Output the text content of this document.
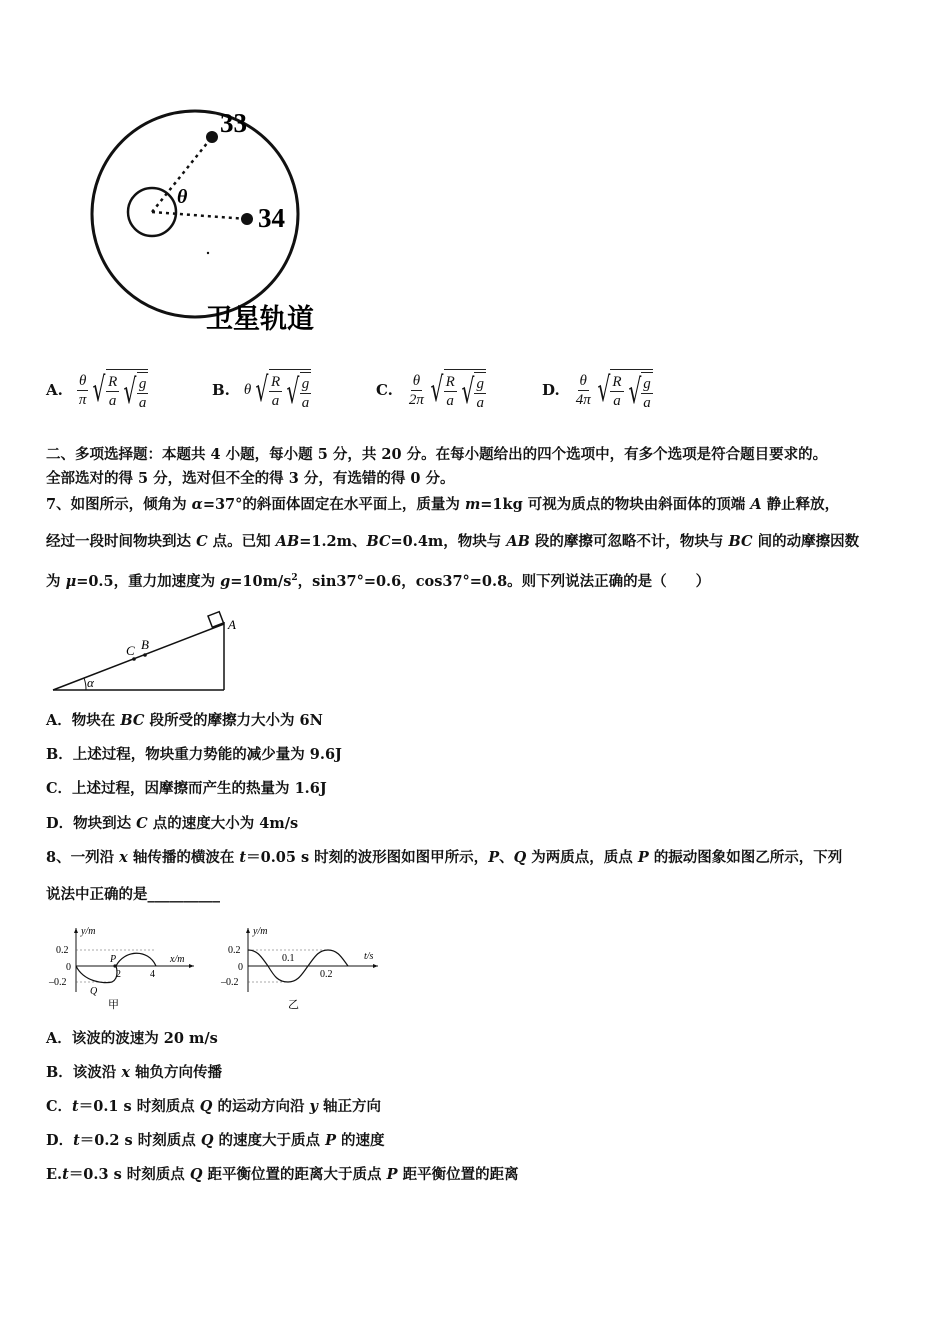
33
34
θ
卫星轨道
A. $\frac{\theta}{\pi}$ √ $\frac{R}{a}$ √ $\frac{g}{a}$	B. θ √ $\frac{R}{a}$ √ $\frac{g}{a}$	C. $\frac{\theta}{2\pi}$ √ $\frac{R}{a}$ √ $\frac{g}{a}$	D. $\frac{\theta}{4\pi}$ √ $\frac{R}{a}$ √ $\frac{g}{a}$
二、多项选择题：本题共 4 小题，每小题 5 分，共 20 分。在每小题给出的四个选项中，有多个选项是符合题目要求的。
全部选对的得 5 分，选对但不全的得 3 分，有选错的得 0 分。
7、如图所示，倾角为 α=37°的斜面体固定在水平面上，质量为 m=1kg 可视为质点的物块由斜面体的顶端 A 静止释放，
经过一段时间物块到达 C 点。已知 AB=1.2m、BC=0.4m，物块与 AB 段的摩擦可忽略不计，物块与 BC 间的动摩擦因数
为 μ=0.5，重力加速度为 $g=10m/s^2$，sin37°=0.6，cos37°=0.8。则下列说法正确的是（　　）
A
B
C
α
A．物块在 BC 段所受的摩擦力大小为 6N
B．上述过程，物块重力势能的减少量为 9.6J
C．上述过程，因摩擦而产生的热量为 1.6J
D．物块到达 C 点的速度大小为 4m/s
8、一列沿 x 轴传播的横波在 t＝0.05 s 时刻的波形图如图甲所示，P、Q 为两质点，质点 P 的振动图象如图乙所示，下列
说法中正确的是__________
y/m
x/m
0.2
0
–0.2
2	4
P
Q
甲
y/m
t/s
0.2
0
–0.2
0.1
0.2
乙
A．该波的波速为 20 m/s
B．该波沿 x 轴负方向传播
C．t＝0.1 s 时刻质点 Q 的运动方向沿 y 轴正方向
D．t＝0.2 s 时刻质点 Q 的速度大于质点 P 的速度
E.t＝0.3 s 时刻质点 Q 距平衡位置的距离大于质点 P 距平衡位置的距离
